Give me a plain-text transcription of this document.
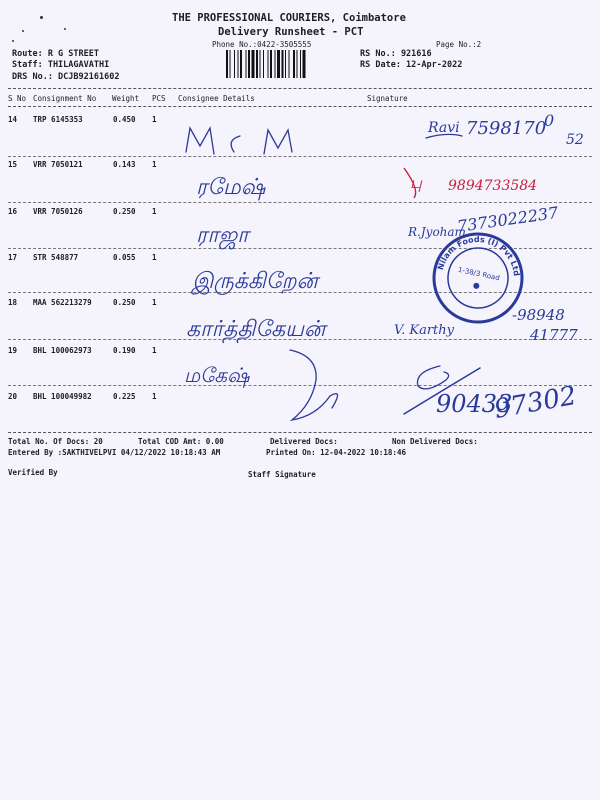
THE PROFESSIONAL COURIERS, Coimbatore
Delivery Runsheet - PCT
Phone No.:0422-3505555	Page No.:2
Route: R G STREET
Staff: THILAGAVATHI
DRS No.: DCJB92161602
RS No.: 921616
RS Date: 12-Apr-2022
S No Consignment No Weight PCS Consignee Details	Signature
14 TRP 6145353	0.450 1
15 VRR 7050121	0.143 1
16 VRR 7050126	0.250 1
17 STR 548877	0.055 1
18 MAA 562213279	0.250 1
19 BHL 100062973	0.190 1
20 BHL 100049982	0.225 1
Total No. Of Docs: 20	Total COD Amt: 0.00	Delivered Docs:	Non Delivered Docs:
Entered By :SAKTHIVELPVI 04/12/2022 10:18:43 AM	Printed On: 12-04-2022 10:18:46
Verified By	Staff Signature
M C M.
Ravi 7598170
0
52
ரமேஷ்
ராஜா	R.Jyoham
7373022237
இருக்கிறேன்
கார்த்திகேயன்	V. Karthy
-98948
41777
மகேஷ்
90433
97302
பு 9894733584
Nilam Foods (I) Pvt Ltd
1-38/3 Road
